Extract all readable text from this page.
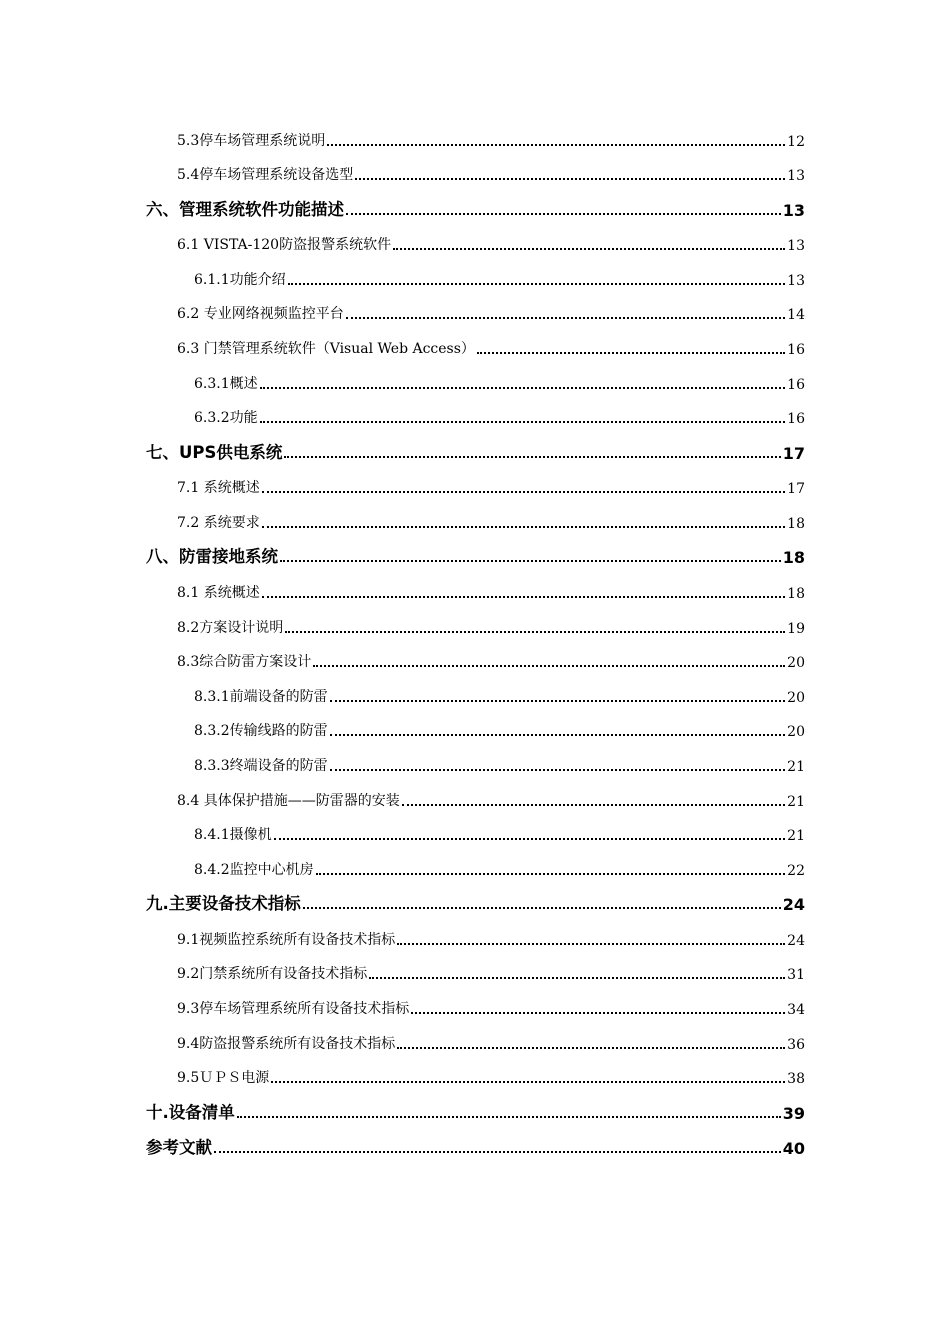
5.3停车场管理系统说明	12
5.4停车场管理系统设备选型	13
六、管理系统软件功能描述	13
6.1 VISTA-120防盗报警系统软件	13
6.1.1功能介绍	13
6.2 专业网络视频监控平台	14
6.3 门禁管理系统软件（Visual Web Access）	16
6.3.1概述	16
6.3.2功能	16
七、UPS供电系统	17
7.1 系统概述	17
7.2 系统要求	18
八、防雷接地系统	18
8.1 系统概述	18
8.2方案设计说明	19
8.3综合防雷方案设计	20
8.3.1前端设备的防雷	20
8.3.2传输线路的防雷	20
8.3.3终端设备的防雷	21
8.4 具体保护措施——防雷器的安装	21
8.4.1摄像机	21
8.4.2监控中心机房	22
九.主要设备技术指标	24
9.1视频监控系统所有设备技术指标	24
9.2门禁系统所有设备技术指标	31
9.3停车场管理系统所有设备技术指标	34
9.4防盗报警系统所有设备技术指标	36
9.5ＵＰＳ电源	38
十.设备清单	39
参考文献	40
